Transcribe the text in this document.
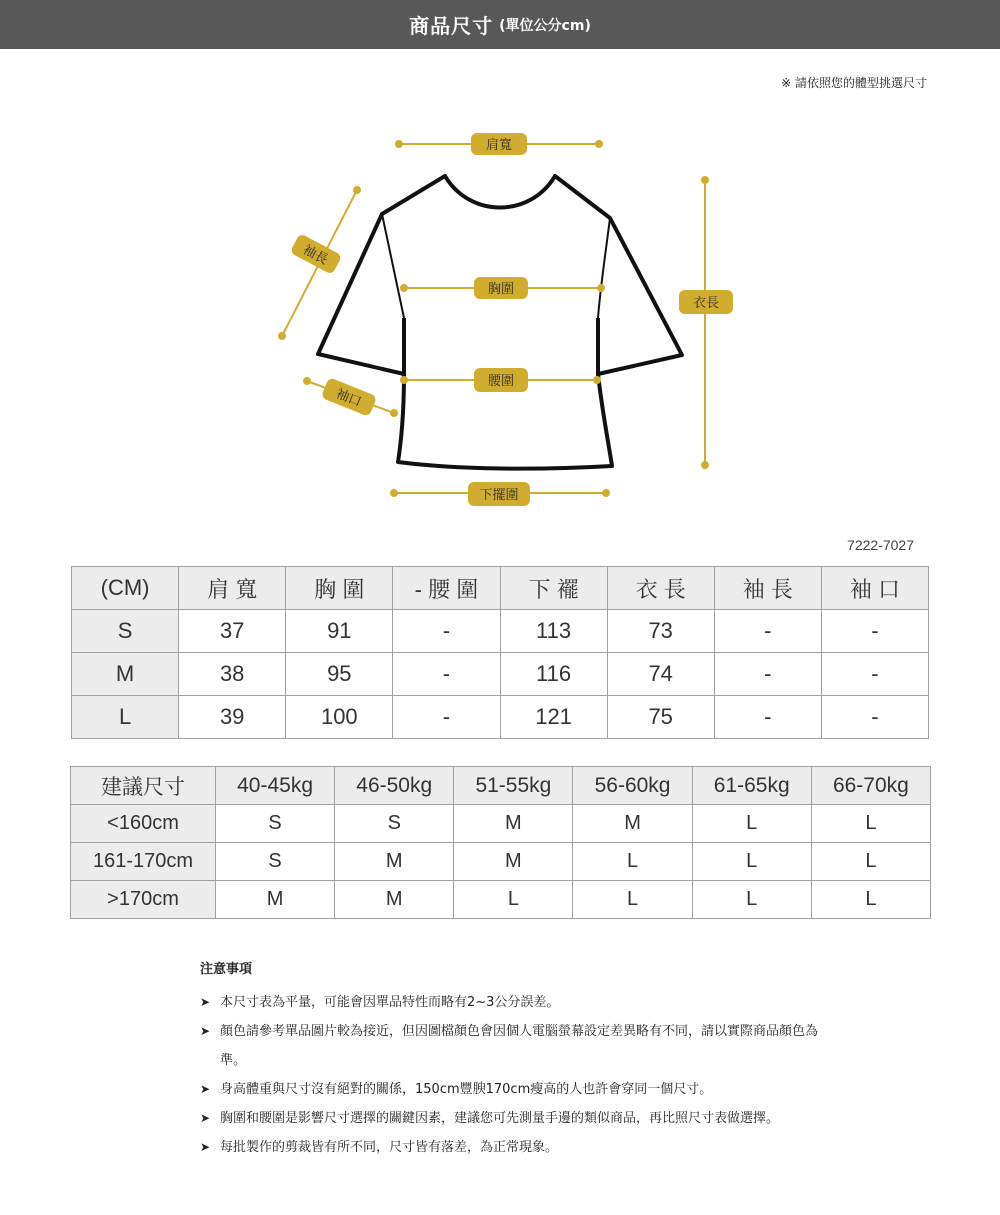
商品尺寸 (單位公分cm)
※ 請依照您的體型挑選尺寸
肩寬
袖長
胸圍
衣長
袖口
腰圍
下擺圍
7222-7027
(CM)	肩 寬	胸 圍	- 腰 圍	下 襬	衣 長	袖 長	袖 口
S	37	91	-	113	73	-	-
M	38	95	-	116	74	-	-
L	39	100	-	121	75	-	-
建議尺寸	40-45kg	46-50kg	51-55kg	56-60kg	61-65kg	66-70kg
<160cm	S	S	M	M	L	L
161-170cm	S	M	M	L	L	L
>170cm	M	M	L	L	L	L
注意事項
➤ 本尺寸表為平量，可能會因單品特性而略有2~3公分誤差。
➤ 顏色請參考單品圖片較為接近，但因圖檔顏色會因個人電腦螢幕設定差異略有不同，請以實際商品顏色為準。
➤ 身高體重與尺寸沒有絕對的關係，150cm豐腴170cm瘦高的人也許會穿同一個尺寸。
➤ 胸圍和腰圍是影響尺寸選擇的關鍵因素，建議您可先測量手邊的類似商品，再比照尺寸表做選擇。
➤ 每批製作的剪裁皆有所不同，尺寸皆有落差，為正常現象。
